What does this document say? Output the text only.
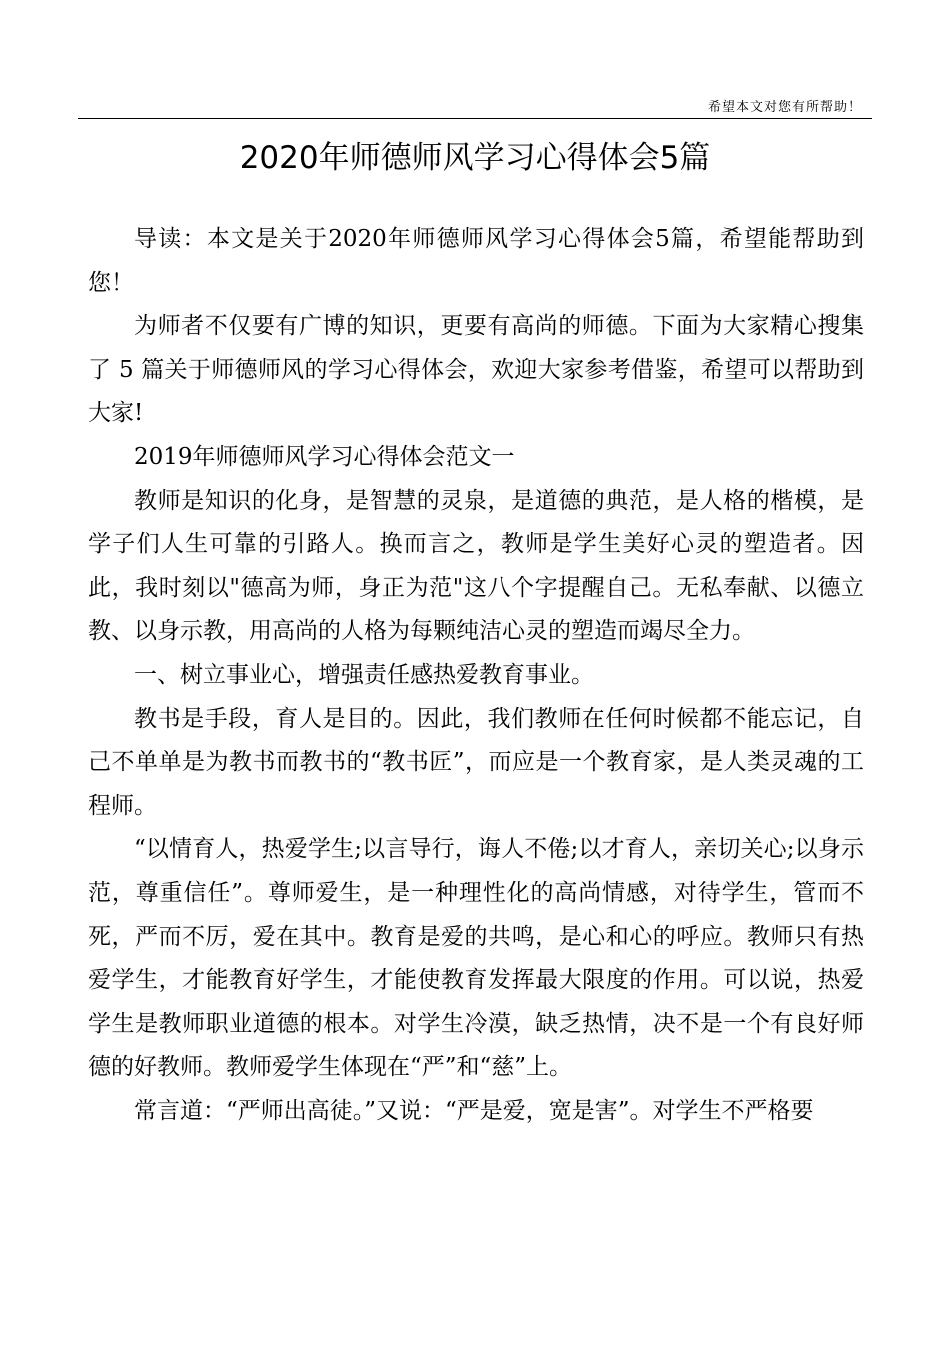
希望本文对您有所帮助！
2020年师德师风学习心得体会5篇

导读：本文是关于2020年师德师风学习心得体会5篇，希望能帮助到您！

为师者不仅要有广博的知识，更要有高尚的师德。下面为大家精心搜集了 5 篇关于师德师风的学习心得体会，欢迎大家参考借鉴，希望可以帮助到大家!

2019年师德师风学习心得体会范文一

教师是知识的化身，是智慧的灵泉，是道德的典范，是人格的楷模，是学子们人生可靠的引路人。换而言之，教师是学生美好心灵的塑造者。因此，我时刻以"德高为师，身正为范"这八个字提醒自己。无私奉献、以德立教、以身示教，用高尚的人格为每颗纯洁心灵的塑造而竭尽全力。

一、树立事业心，增强责任感热爱教育事业。

教书是手段，育人是目的。因此，我们教师在任何时候都不能忘记，自己不单单是为教书而教书的“教书匠”，而应是一个教育家，是人类灵魂的工程师。

“以情育人，热爱学生;以言导行，诲人不倦;以才育人，亲切关心;以身示范，尊重信任”。尊师爱生，是一种理性化的高尚情感，对待学生，管而不死，严而不厉，爱在其中。教育是爱的共鸣，是心和心的呼应。教师只有热爱学生，才能教育好学生，才能使教育发挥最大限度的作用。可以说，热爱学生是教师职业道德的根本。对学生冷漠，缺乏热情，决不是一个有良好师德的好教师。教师爱学生体现在“严”和“慈”上。

常言道：“严师出高徒。”又说：“严是爱，宽是害”。对学生不严格要
